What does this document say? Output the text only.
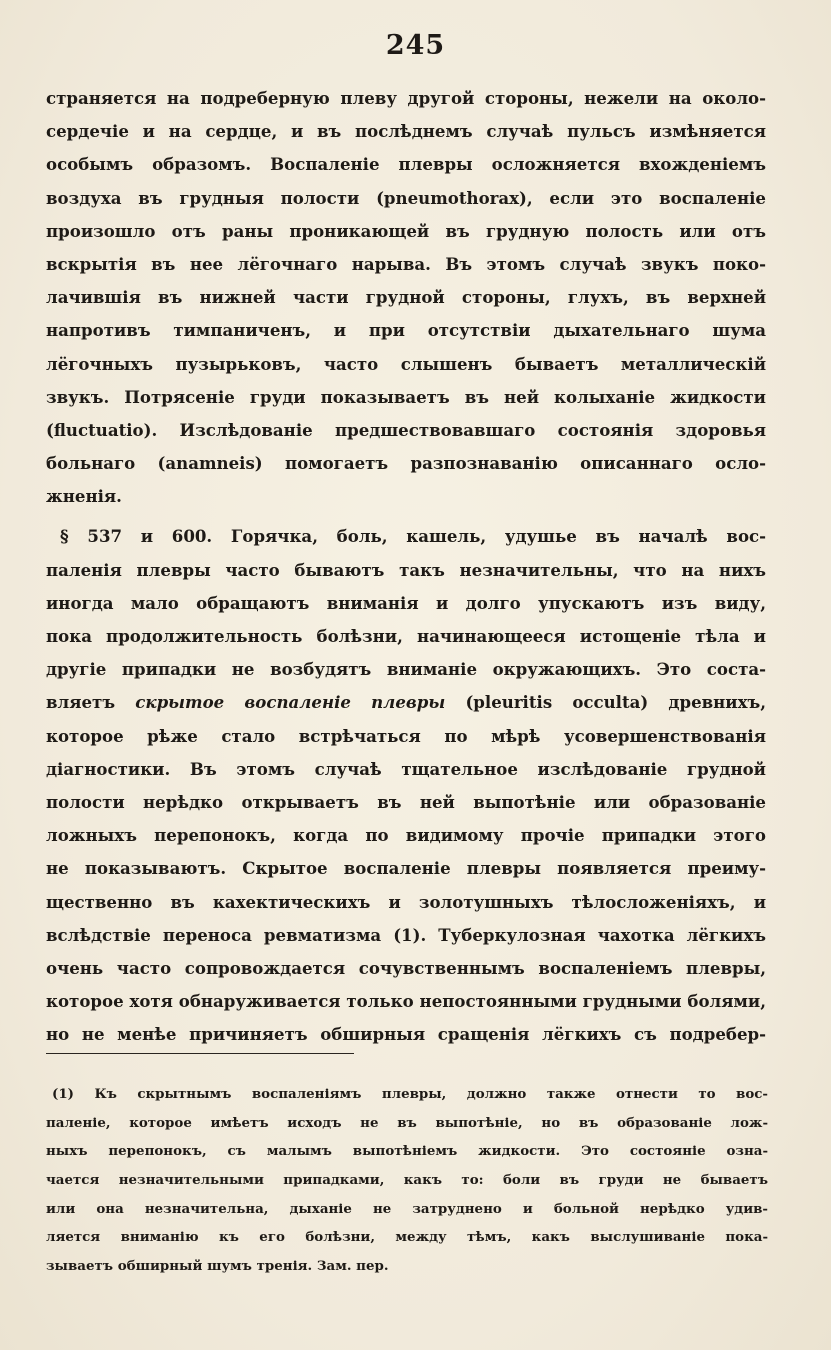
245
страняется на подреберную плеву другой стороны, нежели на около-
сердечіе и на сердце, и въ послѣднемъ случаѣ пульсъ измѣняется
особымъ образомъ. Воспаленіе плевры осложняется вхожденіемъ
воздуха въ грудныя полости (pneumothorax), если это воспаленіе
произошло отъ раны проникающей въ грудную полость или отъ
вскрытія въ нее лёгочнаго нарыва. Въ этомъ случаѣ звукъ поко-
лачившія въ нижней части грудной стороны, глухъ, въ верхней
напротивъ тимпаниченъ, и при отсутствіи дыхательнаго шума
лёгочныхъ пузырьковъ, часто слышенъ бываетъ металлическій
звукъ. Потрясеніе груди показываетъ въ ней колыханіе жидкости
(fluctuatio). Изслѣдованіе предшествовавшаго состоянія здоровья
больнаго (anamneis) помогаетъ разпознаванію описаннаго осло-
жненія.
§ 537 и 600. Горячка, боль, кашель, удушье въ началѣ вос-
паленія плевры часто бываютъ такъ незначительны, что на нихъ
иногда мало обращаютъ вниманія и долго упускаютъ изъ виду,
пока продолжительность болѣзни, начинающееся истощеніе тѣла и
другіе припадки не возбудятъ вниманіе окружающихъ. Это соста-
вляетъ скрытое воспаленіе плевры (pleuritis occulta) древнихъ,
которое рѣже стало встрѣчаться по мѣрѣ усовершенствованія
діагностики. Въ этомъ случаѣ тщательное изслѣдованіе грудной
полости нерѣдко открываетъ въ ней выпотѣніе или образованіе
ложныхъ перепонокъ, когда по видимому прочіе припадки этого
не показываютъ. Скрытое воспаленіе плевры появляется преиму-
щественно въ кахектическихъ и золотушныхъ тѣлосложеніяхъ, и
вслѣдствіе переноса ревматизма (1). Туберкулозная чахотка лёгкихъ
очень часто сопровождается сочувственнымъ воспаленіемъ плевры,
которое хотя обнаруживается только непостоянными грудными болями,
но не менѣе причиняетъ обширныя сращенія лёгкихъ съ подребер-
(1) Къ скрытнымъ воспаленіямъ плевры, должно также отнести то вос-
паленіе, которое имѣетъ исходъ не въ выпотѣніе, но въ образованіе лож-
ныхъ перепонокъ, съ малымъ выпотѣніемъ жидкости. Это состояніе озна-
чается незначительными припадками, какъ то: боли въ груди не бываетъ
или она незначительна, дыханіе не затруднено и больной нерѣдко удив-
ляется вниманію къ его болѣзни, между тѣмъ, какъ выслушиваніе пока-
зываетъ обширный шумъ тренія. Зам. пер.
